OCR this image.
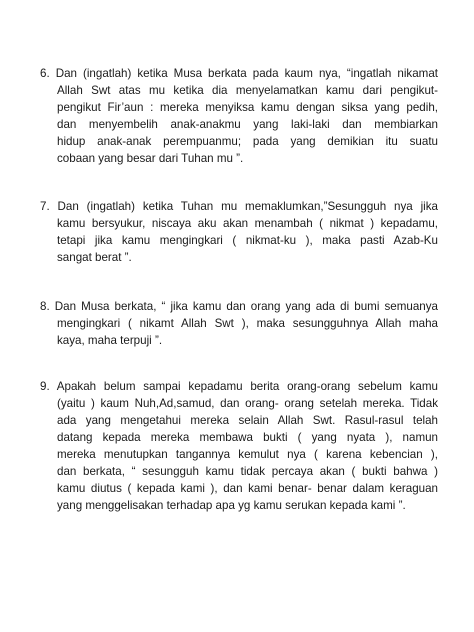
6. Dan (ingatlah) ketika Musa berkata pada kaum nya, “ingatlah nikamat
Allah Swt atas mu ketika dia menyelamatkan kamu dari pengikut-
pengikut Fir’aun : mereka menyiksa kamu dengan siksa yang pedih,
dan menyembelih anak-anakmu yang laki-laki dan membiarkan
hidup anak-anak perempuanmu; pada yang demikian itu suatu
cobaan yang besar dari Tuhan mu ”.
7. Dan (ingatlah) ketika Tuhan mu memaklumkan,”Sesungguh nya jika
kamu bersyukur, niscaya aku akan menambah ( nikmat ) kepadamu,
tetapi jika kamu mengingkari ( nikmat-ku ), maka pasti Azab-Ku
sangat berat ”.
8. Dan Musa berkata, “ jika kamu dan orang yang ada di bumi semuanya
mengingkari ( nikamt Allah Swt ), maka sesungguhnya Allah maha
kaya, maha terpuji ”.
9. Apakah belum sampai kepadamu berita orang-orang sebelum kamu
(yaitu ) kaum Nuh,Ad,samud, dan orang- orang setelah mereka. Tidak
ada yang mengetahui mereka selain Allah Swt. Rasul-rasul telah
datang kepada mereka membawa bukti ( yang nyata ), namun
mereka menutupkan tangannya kemulut nya ( karena kebencian ),
dan berkata, “ sesungguh kamu tidak percaya akan ( bukti bahwa )
kamu diutus ( kepada kami ), dan kami benar- benar dalam keraguan
yang menggelisakan terhadap apa yg kamu serukan kepada kami ”.
